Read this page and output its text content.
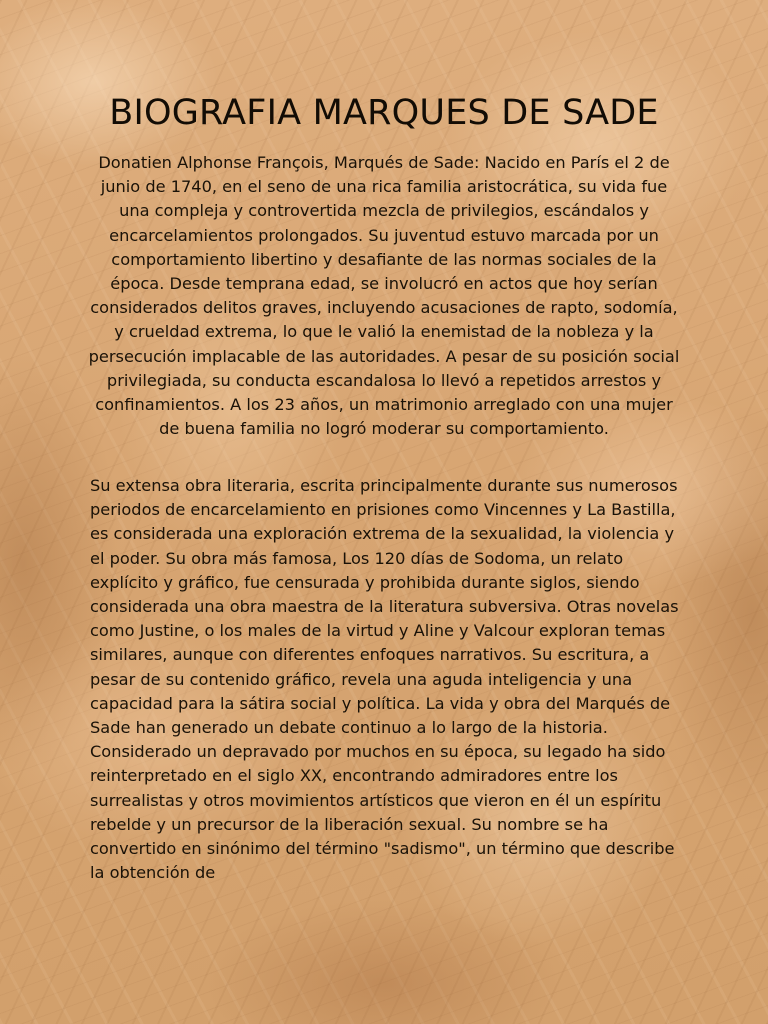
BIOGRAFIA MARQUES DE SADE

Donatien Alphonse François, Marqués de Sade: Nacido en París el 2 de junio de 1740, en el seno de una rica familia aristocrática, su vida fue una compleja y controvertida mezcla de privilegios, escándalos y encarcelamientos prolongados. Su juventud estuvo marcada por un comportamiento libertino y desafiante de las normas sociales de la época. Desde temprana edad, se involucró en actos que hoy serían considerados delitos graves, incluyendo acusaciones de rapto, sodomía, y crueldad extrema, lo que le valió la enemistad de la nobleza y la persecución implacable de las autoridades. A pesar de su posición social privilegiada, su conducta escandalosa lo llevó a repetidos arrestos y confinamientos. A los 23 años, un matrimonio arreglado con una mujer de buena familia no logró moderar su comportamiento.

Su extensa obra literaria, escrita principalmente durante sus numerosos periodos de encarcelamiento en prisiones como Vincennes y La Bastilla, es considerada una exploración extrema de la sexualidad, la violencia y el poder. Su obra más famosa, Los 120 días de Sodoma, un relato explícito y gráfico, fue censurada y prohibida durante siglos, siendo considerada una obra maestra de la literatura subversiva. Otras novelas como Justine, o los males de la virtud y Aline y Valcour exploran temas similares, aunque con diferentes enfoques narrativos. Su escritura, a pesar de su contenido gráfico, revela una aguda inteligencia y una capacidad para la sátira social y política. La vida y obra del Marqués de Sade han generado un debate continuo a lo largo de la historia. Considerado un depravado por muchos en su época, su legado ha sido reinterpretado en el siglo XX, encontrando admiradores entre los surrealistas y otros movimientos artísticos que vieron en él un espíritu rebelde y un precursor de la liberación sexual. Su nombre se ha convertido en sinónimo del término "sadismo", un término que describe la obtención de
